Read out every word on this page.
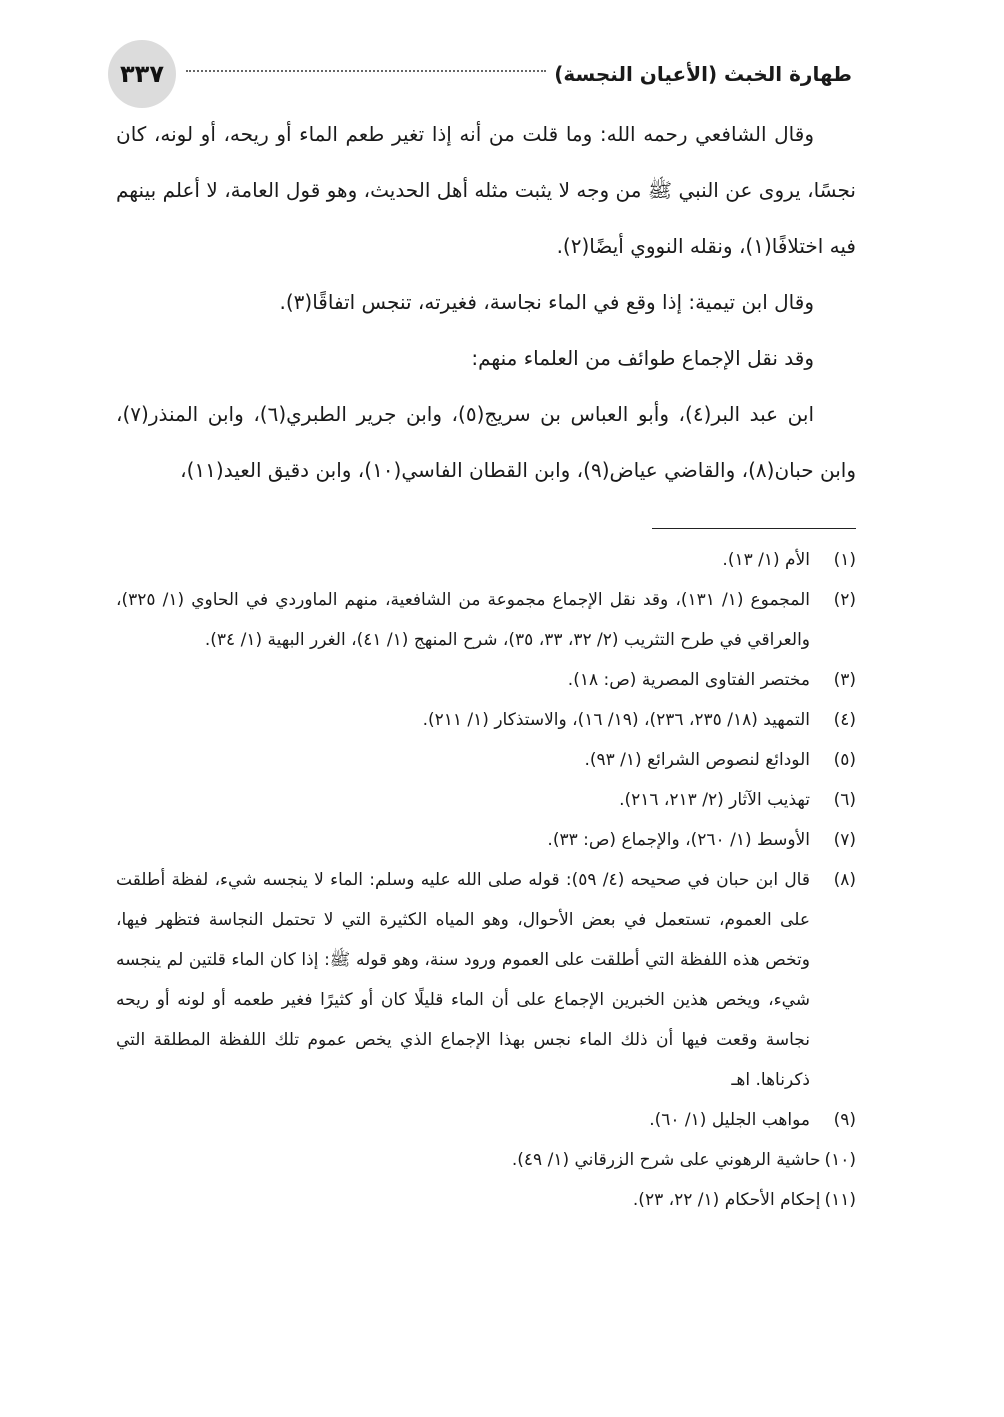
٣٣٧	طهارة الخبث (الأعيان النجسة)

وقال الشافعي رحمه الله: وما قلت من أنه إذا تغير طعم الماء أو ريحه، أو لونه، كان نجسًا، يروى عن النبي ﷺ من وجه لا يثبت مثله أهل الحديث، وهو قول العامة، لا أعلم بينهم فيه اختلافًا(١)، ونقله النووي أيضًا(٢).

وقال ابن تيمية: إذا وقع في الماء نجاسة، فغيرته، تنجس اتفاقًا(٣).

وقد نقل الإجماع طوائف من العلماء منهم:

ابن عبد البر(٤)، وأبو العباس بن سريج(٥)، وابن جرير الطبري(٦)، وابن المنذر(٧)، وابن حبان(٨)، والقاضي عياض(٩)، وابن القطان الفاسي(١٠)، وابن دقيق العيد(١١)،

(١)
الأم (١/ ١٣).
(٢)
المجموع (١/ ١٣١)، وقد نقل الإجماع مجموعة من الشافعية، منهم الماوردي في الحاوي (١/ ٣٢٥)، والعراقي في طرح التثريب (٢/ ٣٢، ٣٣، ٣٥)، شرح المنهج (١/ ٤١)، الغرر البهية (١/ ٣٤).
(٣)
مختصر الفتاوى المصرية (ص: ١٨).
(٤)
التمهيد (١٨/ ٢٣٥، ٢٣٦)، (١٩/ ١٦)، والاستذكار (١/ ٢١١).
(٥)
الودائع لنصوص الشرائع (١/ ٩٣).
(٦)
تهذيب الآثار (٢/ ٢١٣، ٢١٦).
(٧)
الأوسط (١/ ٢٦٠)، والإجماع (ص: ٣٣).
(٨)
قال ابن حبان في صحيحه (٤/ ٥٩): قوله صلى الله عليه وسلم: الماء لا ينجسه شيء، لفظة أطلقت على العموم، تستعمل في بعض الأحوال، وهو المياه الكثيرة التي لا تحتمل النجاسة فتظهر فيها، وتخص هذه اللفظة التي أطلقت على العموم ورود سنة، وهو قوله ﷺ: إذا كان الماء قلتين لم ينجسه شيء، ويخص هذين الخبرين الإجماع على أن الماء قليلًا كان أو كثيرًا فغير طعمه أو لونه أو ريحه نجاسة وقعت فيها أن ذلك الماء نجس بهذا الإجماع الذي يخص عموم تلك اللفظة المطلقة التي ذكرناها. اهـ
(٩)
مواهب الجليل (١/ ٦٠).
(١٠)
حاشية الرهوني على شرح الزرقاني (١/ ٤٩).
(١١)
إحكام الأحكام (١/ ٢٢، ٢٣).
